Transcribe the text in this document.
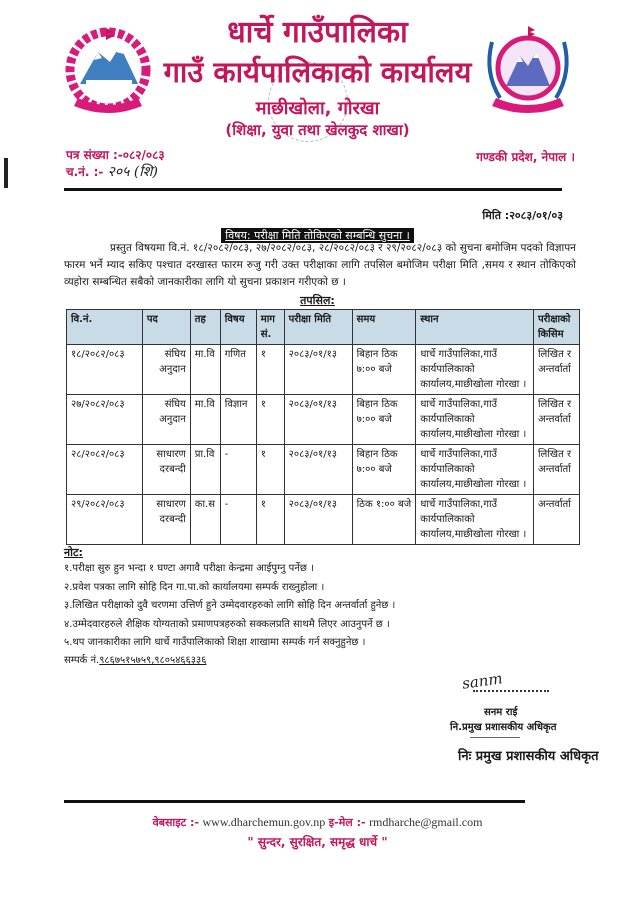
धार्चे गाउँपालिका
गाउँ कार्यपालिकाको कार्यालय
माछीखोला, गोरखा
(शिक्षा, युवा तथा खेलकुद शाखा)
पत्र संख्या :-०८२/०८३
च.नं. :- २०५ (शि)
गण्डकी प्रदेश, नेपाल ।
मिति :२०८३/०१/०३
विषय: परीक्षा मिति तोकिएको सम्बन्धि सुचना ।
प्रस्तुत विषयमा वि.नं. १८/२०८२/०८३, २७/२०८२/०८३, २८/२०८२/०८३ र २९/२०८२/०८३ को सुचना बमोजिम पदको विज्ञापन फारम भर्ने म्याद सकिए पश्चात दरखास्त फारम रुजु गरी उक्त परीक्षाका लागि तपसिल बमोजिम परीक्षा मिति ,समय र स्थान तोकिएको व्यहोरा सम्बन्धित सबैको जानकारीका लागि यो सुचना प्रकाशन गरीएको छ ।
तपसिल:
वि.नं.	पद	तह	विषय	माग सं.	परीक्षा मिति	समय	स्थान	परीक्षाको किसिम
१८/२०८२/०८३	संघिय अनुदान	मा.वि	गणित	१	२०८३/०१/१३	बिहान ठिक ७:०० बजे	धार्चे गाउँपालिका,गाउँ कार्यपालिकाको कार्यालय,माछीखोला गोरखा ।	लिखित र अन्तर्वार्ता
२७/२०८२/०८३	संघिय अनुदान	मा.वि	विज्ञान	१	२०८३/०१/१३	बिहान ठिक ७:०० बजे	धार्चे गाउँपालिका,गाउँ कार्यपालिकाको कार्यालय,माछीखोला गोरखा ।	लिखित र अन्तर्वार्ता
२८/२०८२/०८३	साधारण दरबन्दी	प्रा.वि	-	१	२०८३/०१/१३	बिहान ठिक ७:०० बजे	धार्चे गाउँपालिका,गाउँ कार्यपालिकाको कार्यालय,माछीखोला गोरखा ।	लिखित र अन्तर्वार्ता
२९/२०८२/०८३	साधारण दरबन्दी	का.स	-	१	२०८३/०१/१३	ठिक १:०० बजे	धार्चे गाउँपालिका,गाउँ कार्यपालिकाको कार्यालय,माछीखोला गोरखा ।	अन्तर्वार्ता
नोट:
१.परीक्षा सुरु हुन भन्दा १ घण्टा अगावै परीक्षा केन्द्रमा आईपुग्नु पर्नेछ ।
२.प्रवेश पत्रका लागि सोहि दिन गा.पा.को कार्यालयमा सम्पर्क राख्नुहोला ।
३.लिखित परीक्षाको दुवै चरणमा उत्तिर्ण हुने उम्मेदवारहरुको लागि सोहि दिन अन्तर्वार्ता हुनेछ ।
४.उम्मेदवारहरुले शैक्षिक योग्यताको प्रमाणपत्रहरुको सक्कलप्रति साथमै लिएर आउनुपर्ने छ ।
५.थप जानकारीका लागि धार्चे गाउँपालिकाको शिक्षा शाखामा सम्पर्क गर्न सक्नुहुनेछ ।
सम्पर्क नं.९८६७५१५७५९,९८०५४६६३३६
sanm
सनम राई
नि.प्रमुख प्रशासकीय अधिकृत
निः प्रमुख प्रशासकीय अधिकृत
वेबसाइट :- www.dharchemun.gov.np इ-मेल :- rmdharche@gmail.com
" सुन्दर, सुरक्षित, समृद्ध धार्चे "
